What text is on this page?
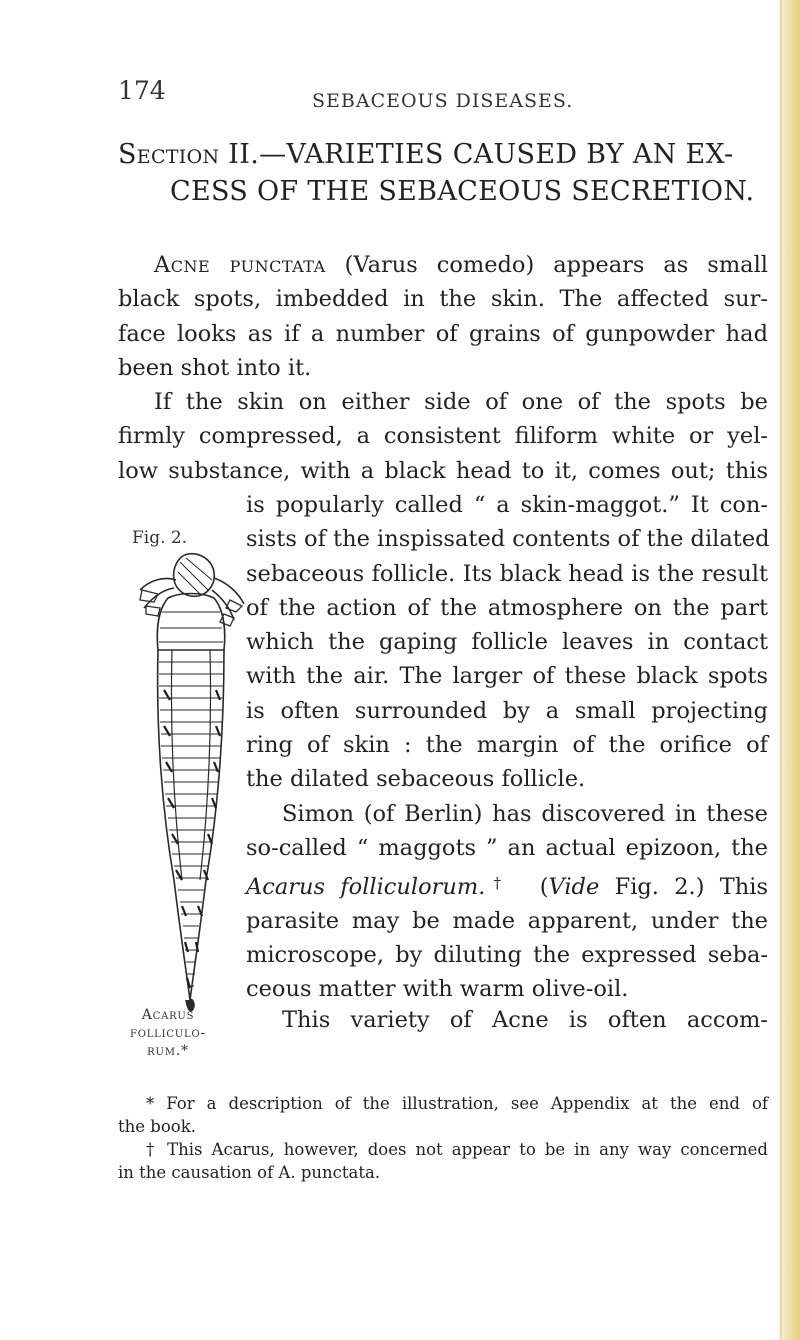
174	SEBACEOUS DISEASES.
Section II.—VARIETIES CAUSED BY AN EX-
CESS OF THE SEBACEOUS SECRETION.
Acne punctata (Varus comedo) appears as small
black spots, imbedded in the skin. The affected sur-
face looks as if a number of grains of gunpowder had
been shot into it.
If the skin on either side of one of the spots be
firmly compressed, a consistent filiform white or yel-
low substance, with a black head to it, comes out; this
is popularly called “ a skin-maggot.” It con-
sists of the inspissated contents of the dilated
sebaceous follicle. Its black head is the result
of the action of the atmosphere on the part
which the gaping follicle leaves in contact
with the air. The larger of these black spots
is often surrounded by a small projecting
ring of skin : the margin of the orifice of
the dilated sebaceous follicle.
Simon (of Berlin) has discovered in these
so-called “ maggots ” an actual epizoon, the
Acarus folliculorum.† (Vide Fig. 2.) This
parasite may be made apparent, under the
microscope, by diluting the expressed seba-
ceous matter with warm olive-oil.
This variety of Acne is often accom-
Fig. 2.
Acarus
folliculo-
rum.*

* For a description of the illustration, see Appendix at the end of
the book.

† This Acarus, however, does not appear to be in any way concerned
in the causation of A. punctata.
